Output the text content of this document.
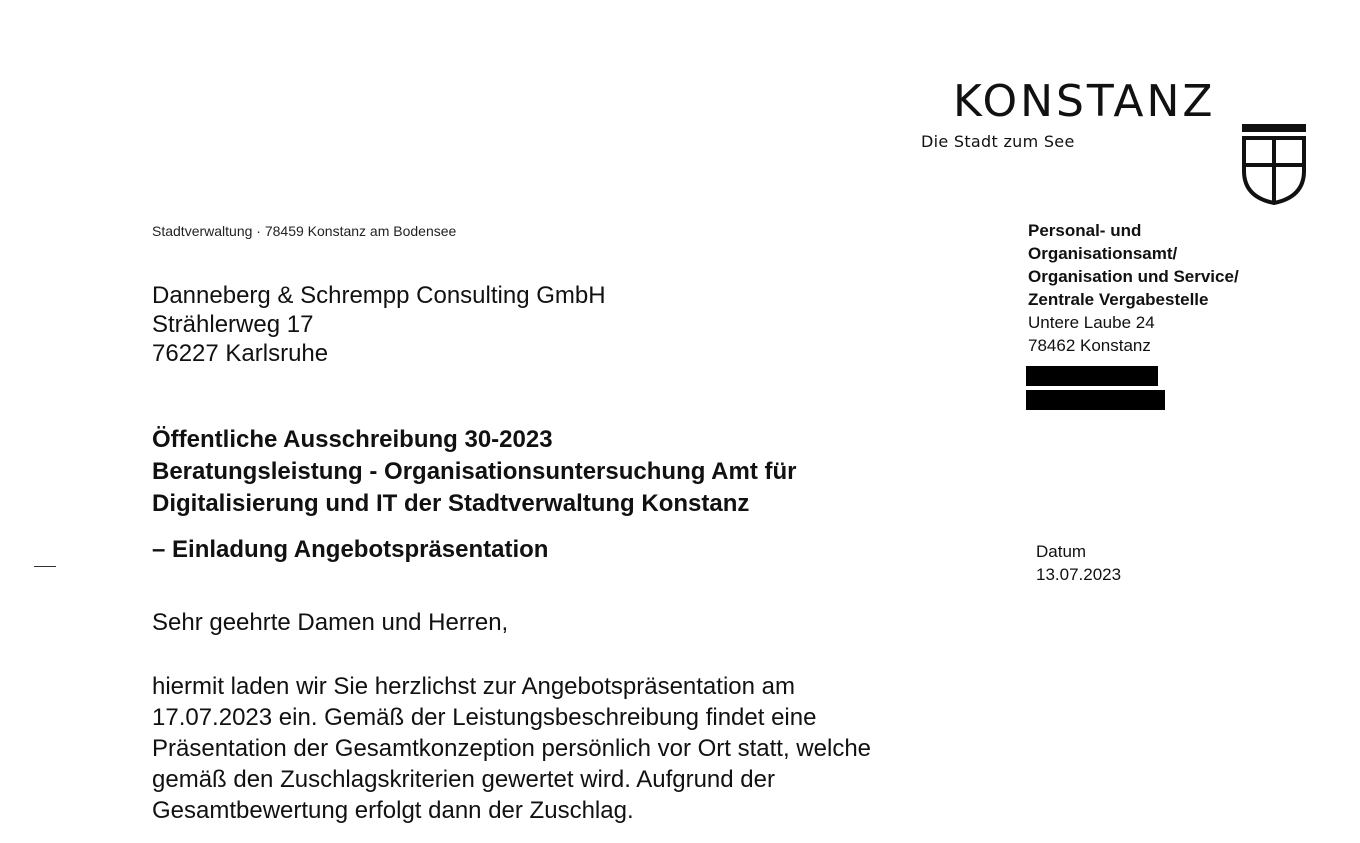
KONSTANZ
Die Stadt zum See
Stadtverwaltung · 78459 Konstanz am Bodensee
Danneberg & Schrempp Consulting GmbH
Strählerweg 17
76227 Karlsruhe
Personal- und
Organisationsamt/
Organisation und Service/
Zentrale Vergabestelle
Untere Laube 24
78462 Konstanz
Öffentliche Ausschreibung 30-2023
Beratungsleistung - Organisationsuntersuchung Amt für
Digitalisierung und IT der Stadtverwaltung Konstanz
– Einladung Angebotspräsentation	Datum
13.07.2023
Sehr geehrte Damen und Herren,
hiermit laden wir Sie herzlichst zur Angebotspräsentation am
17.07.2023 ein. Gemäß der Leistungsbeschreibung findet eine
Präsentation der Gesamtkonzeption persönlich vor Ort statt, welche
gemäß den Zuschlagskriterien gewertet wird. Aufgrund der
Gesamtbewertung erfolgt dann der Zuschlag.
